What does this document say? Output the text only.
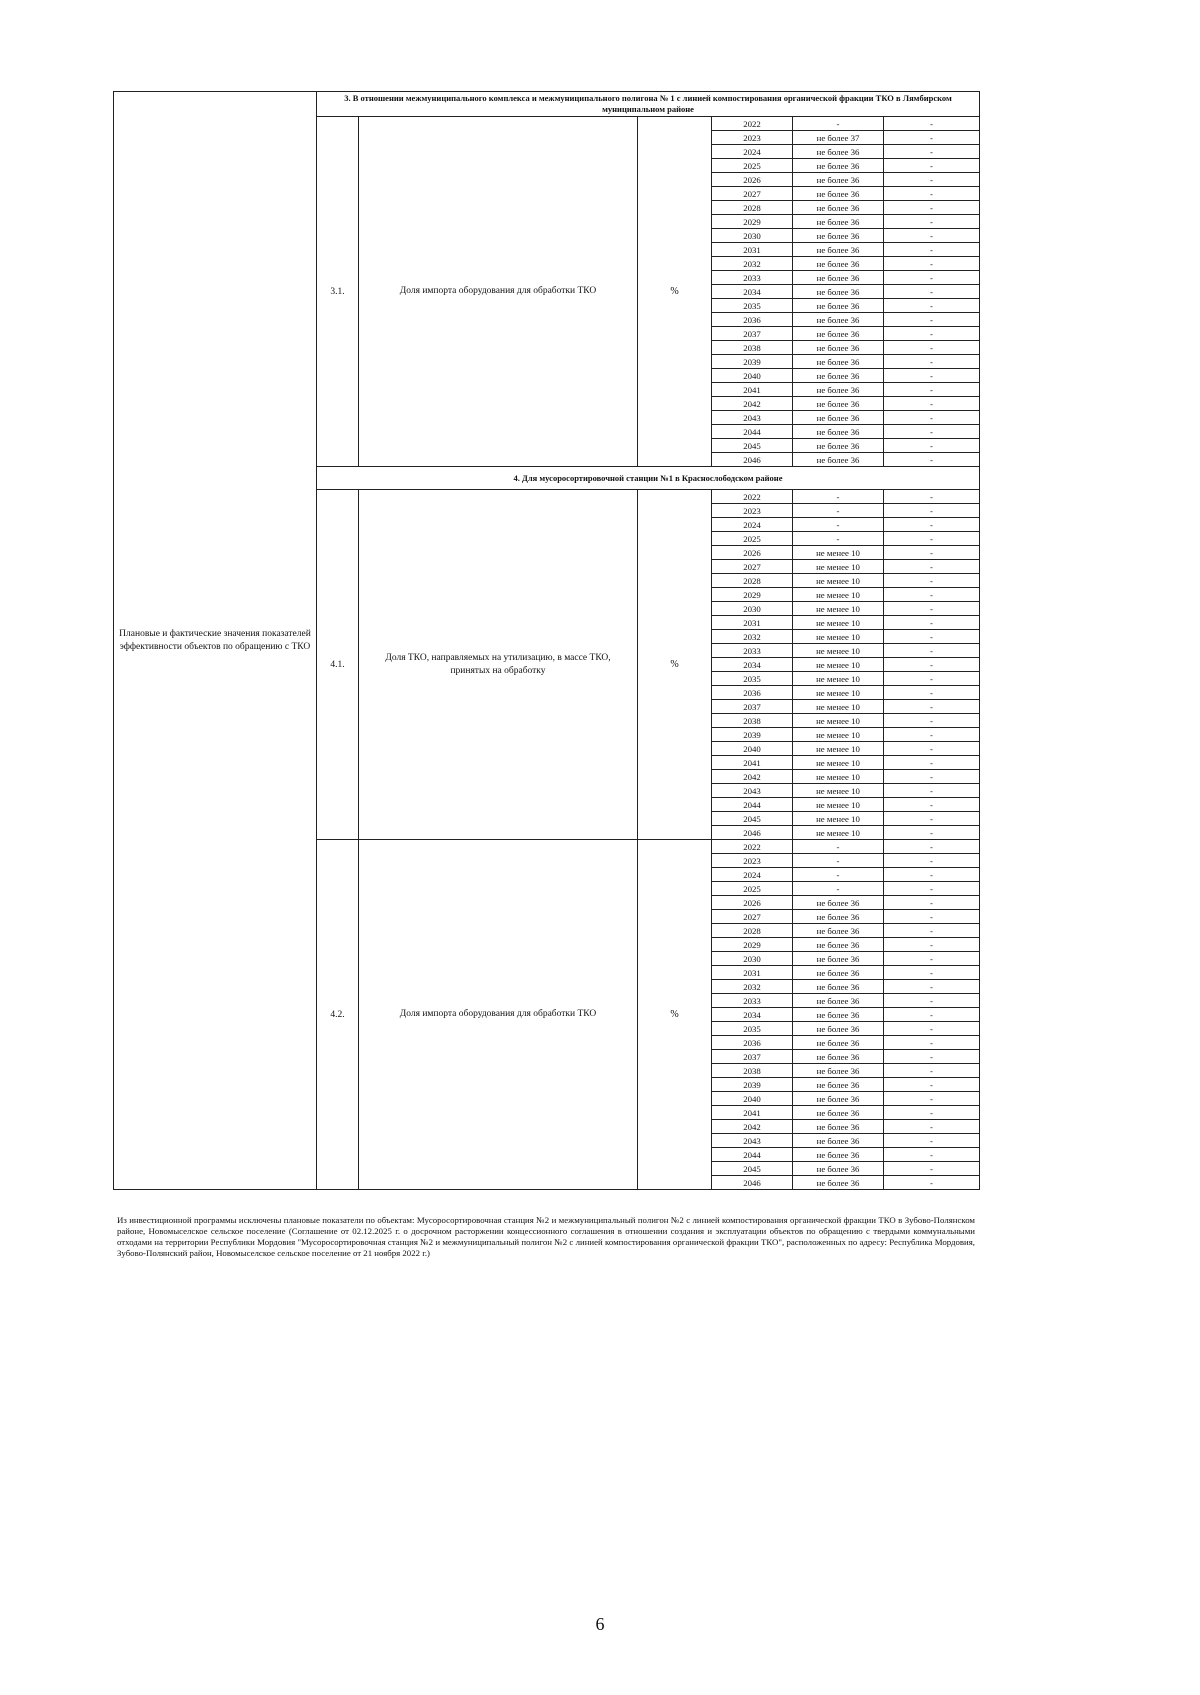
Плановые и фактические значения показателей эффективности объектов по обращению с ТКО	3. В отношении межмуниципального комплекса и межмуниципального полигона № 1 с линией компостирования органической фракции ТКО в Лямбирском муниципальном районе
3.1.	Доля импорта оборудования для обработки ТКО	%	
2022	-	-
2023	не более 37	-
2024	не более 36	-
2025	не более 36	-
2026	не более 36	-
2027	не более 36	-
2028	не более 36	-
2029	не более 36	-
2030	не более 36	-
2031	не более 36	-
2032	не более 36	-
2033	не более 36	-
2034	не более 36	-
2035	не более 36	-
2036	не более 36	-
2037	не более 36	-
2038	не более 36	-
2039	не более 36	-
2040	не более 36	-
2041	не более 36	-
2042	не более 36	-
2043	не более 36	-
2044	не более 36	-
2045	не более 36	-
2046	не более 36	-

4. Для мусоросортировочной станции №1 в Краснослободском районе
4.1.	Доля ТКО, направляемых на утилизацию, в массе ТКО, принятых на обработку	%	
2022	-	-
2023	-	-
2024	-	-
2025	-	-
2026	не менее 10	-
2027	не менее 10	-
2028	не менее 10	-
2029	не менее 10	-
2030	не менее 10	-
2031	не менее 10	-
2032	не менее 10	-
2033	не менее 10	-
2034	не менее 10	-
2035	не менее 10	-
2036	не менее 10	-
2037	не менее 10	-
2038	не менее 10	-
2039	не менее 10	-
2040	не менее 10	-
2041	не менее 10	-
2042	не менее 10	-
2043	не менее 10	-
2044	не менее 10	-
2045	не менее 10	-
2046	не менее 10	-

4.2.	Доля импорта оборудования для обработки ТКО	%	
2022	-	-
2023	-	-
2024	-	-
2025	-	-
2026	не более 36	-
2027	не более 36	-
2028	не более 36	-
2029	не более 36	-
2030	не более 36	-
2031	не более 36	-
2032	не более 36	-
2033	не более 36	-
2034	не более 36	-
2035	не более 36	-
2036	не более 36	-
2037	не более 36	-
2038	не более 36	-
2039	не более 36	-
2040	не более 36	-
2041	не более 36	-
2042	не более 36	-
2043	не более 36	-
2044	не более 36	-
2045	не более 36	-
2046	не более 36	-
Из инвестиционной программы исключены плановые показатели по объектам: Мусоросортировочная станция №2 и межмуниципальный полигон №2 с линией компостирования органической фракции ТКО в Зубово-Полянском районе, Новомыселское сельское поселение (Соглашение от 02.12.2025 г. о досрочном расторжении концессионного соглашения в отношении создания и эксплуатации объектов по обращению с твердыми коммунальными отходами на территории Республики Мордовия "Мусоросортировочная станция №2 и межмуниципальный полигон №2 с линией компостирования органической фракции ТКО", расположенных по адресу: Республика Мордовия, Зубово-Полянский район, Новомыселское сельское поселение от 21 ноября 2022 г.)
6
